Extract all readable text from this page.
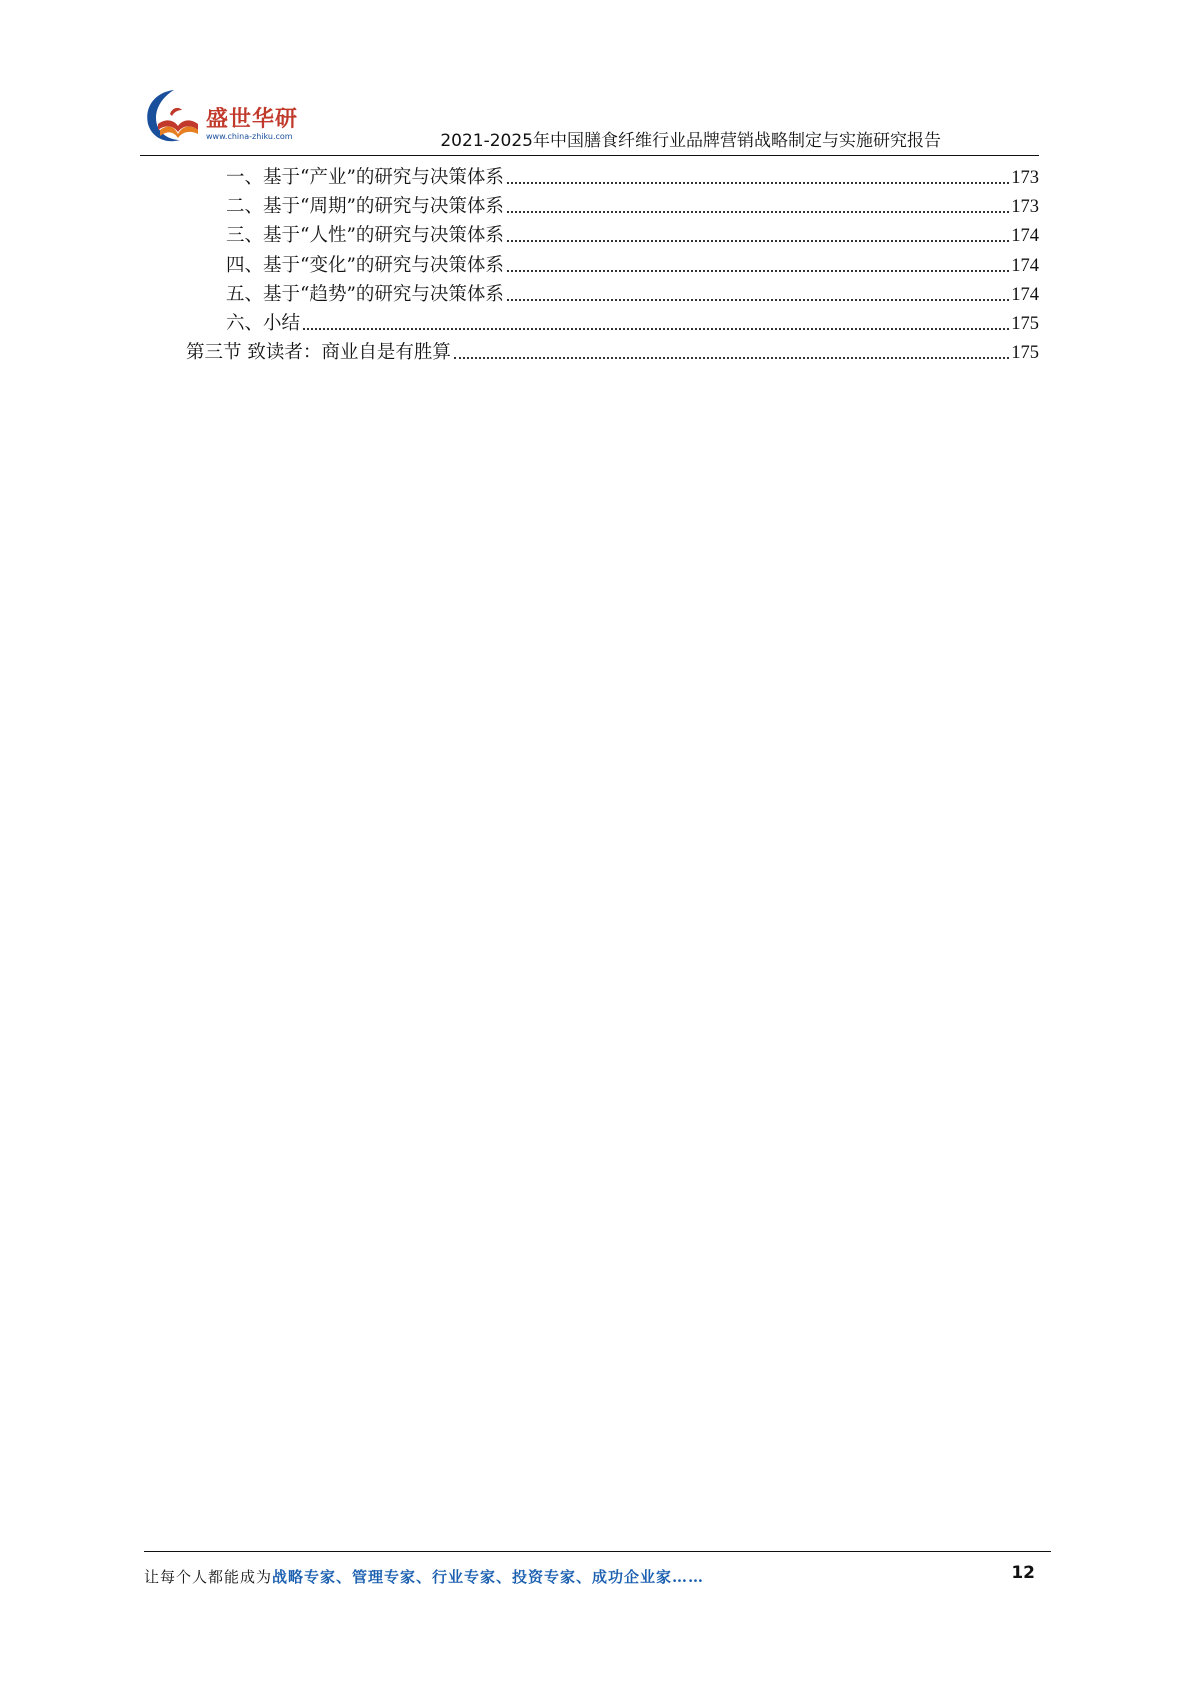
盛世华研
www.china-zhiku.com	2021-2025年中国膳食纤维行业品牌营销战略制定与实施研究报告
一、基于“产业”的研究与决策体系	173
二、基于“周期”的研究与决策体系	173
三、基于“人性”的研究与决策体系	174
四、基于“变化”的研究与决策体系	174
五、基于“趋势”的研究与决策体系	174
六、小结	175
第三节 致读者：商业自是有胜算	175
让每个人都能成为战略专家、管理专家、行业专家、投资专家、成功企业家……	12
